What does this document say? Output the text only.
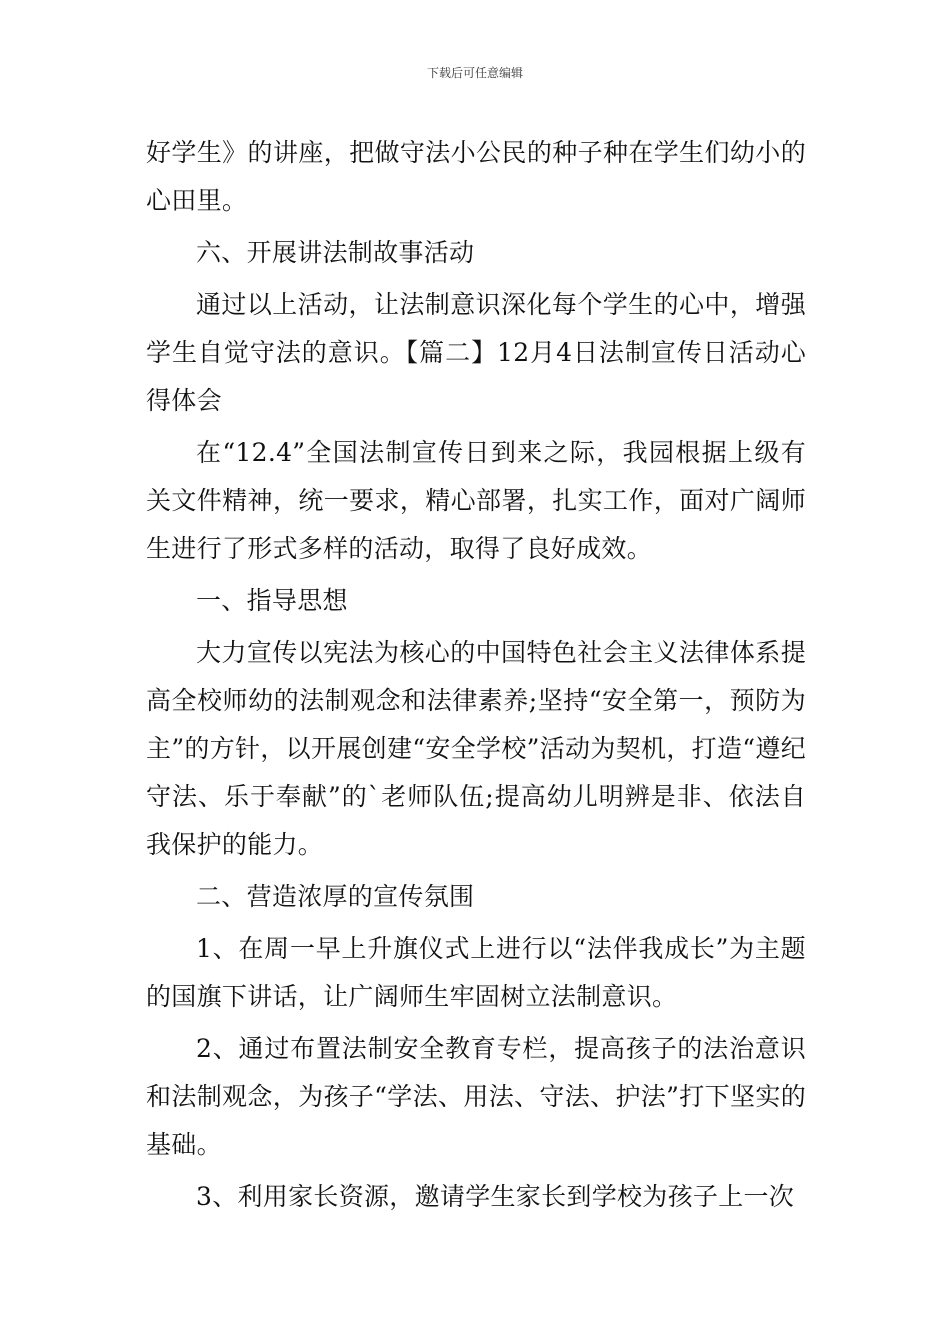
下载后可任意编辑

好学生》的讲座，把做守法小公民的种子种在学生们幼小的心田里。

六、开展讲法制故事活动

通过以上活动，让法制意识深化每个学生的心中，增强学生自觉守法的意识。【篇二】12月4日法制宣传日活动心得体会

在“12.4”全国法制宣传日到来之际，我园根据上级有关文件精神，统一要求，精心部署，扎实工作，面对广阔师生进行了形式多样的活动，取得了良好成效。

一、指导思想

大力宣传以宪法为核心的中国特色社会主义法律体系提高全校师幼的法制观念和法律素养;坚持“安全第一，预防为主”的方针，以开展创建“安全学校”活动为契机，打造“遵纪守法、乐于奉献”的`老师队伍;提高幼儿明辨是非、依法自我保护的能力。

二、营造浓厚的宣传氛围

1、在周一早上升旗仪式上进行以“法伴我成长”为主题的国旗下讲话，让广阔师生牢固树立法制意识。

2、通过布置法制安全教育专栏，提高孩子的法治意识和法制观念，为孩子“学法、用法、守法、护法”打下坚实的基础。

3、利用家长资源，邀请学生家长到学校为孩子上一次
